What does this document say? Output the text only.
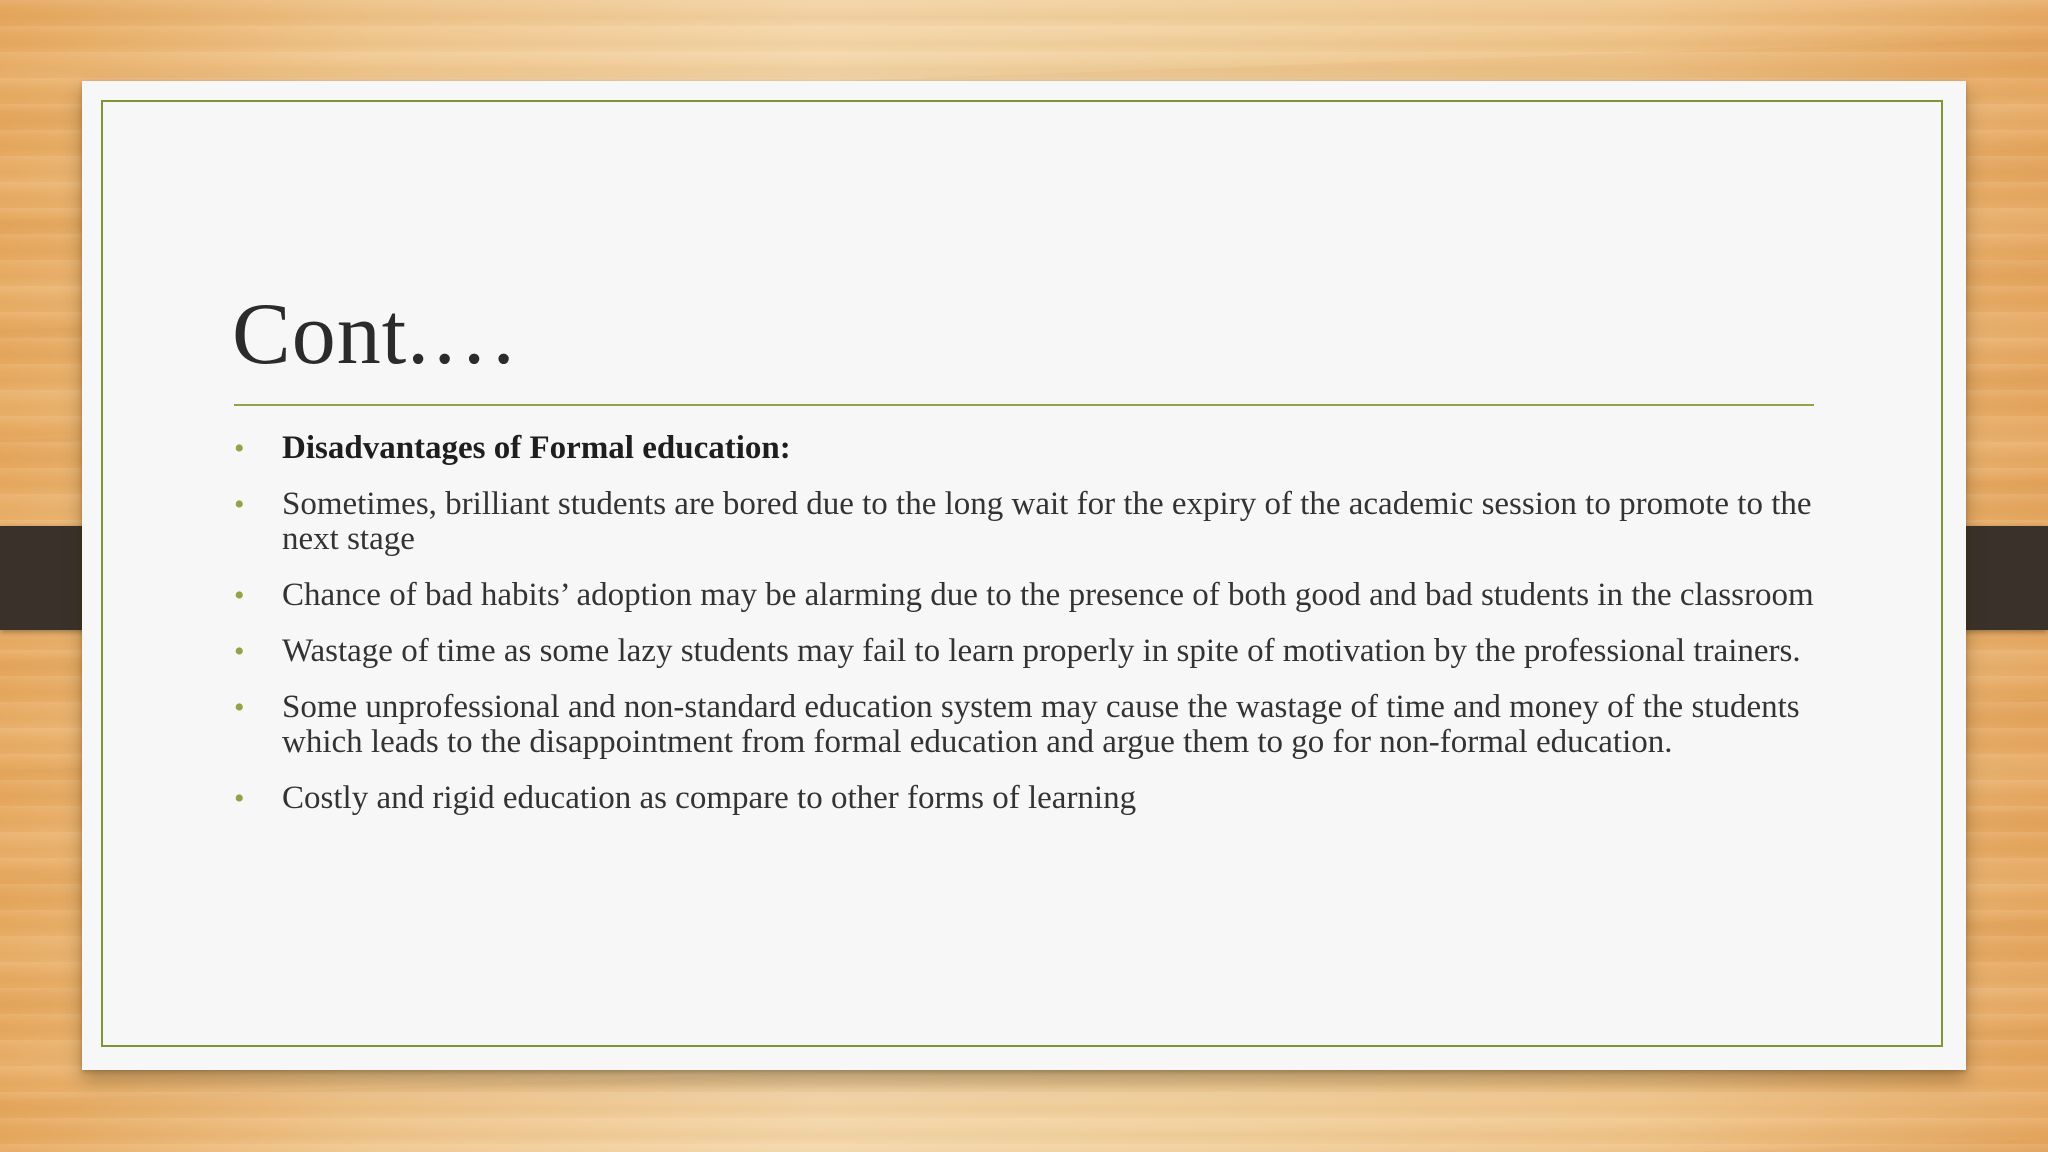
Cont.…
• Disadvantages of Formal education:
• Sometimes, brilliant students are bored due to the long wait for the expiry of the academic session to promote to the next stage
• Chance of bad habits’ adoption may be alarming due to the presence of both good and bad students in the classroom
• Wastage of time as some lazy students may fail to learn properly in spite of motivation by the professional trainers.
• Some unprofessional and non-standard education system may cause the wastage of time and money of the students which leads to the disappointment from formal education and argue them to go for non-formal education.
• Costly and rigid education as compare to other forms of learning
